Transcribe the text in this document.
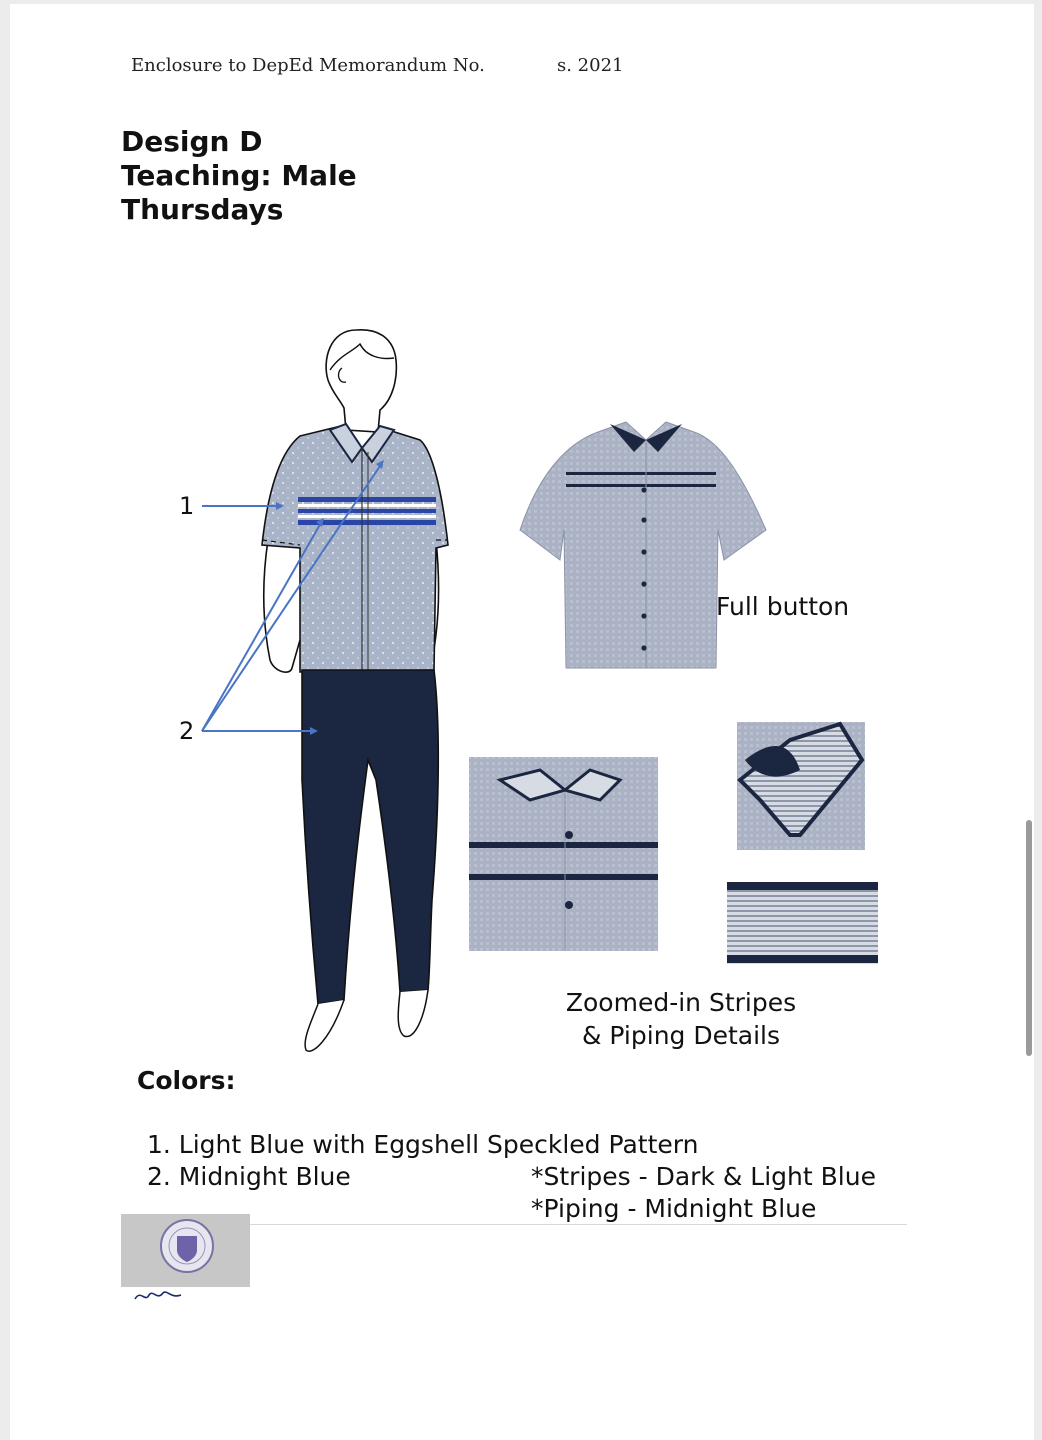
Enclosure to DepEd Memorandum No.	s. 2021
Design D
Teaching: Male
Thursdays
1
2
Full button
Zoomed-in Stripes
& Piping Details
Colors:
1. Light Blue with Eggshell Speckled Pattern
2. Midnight Blue	*Stripes - Dark & Light Blue
*Piping - Midnight Blue
